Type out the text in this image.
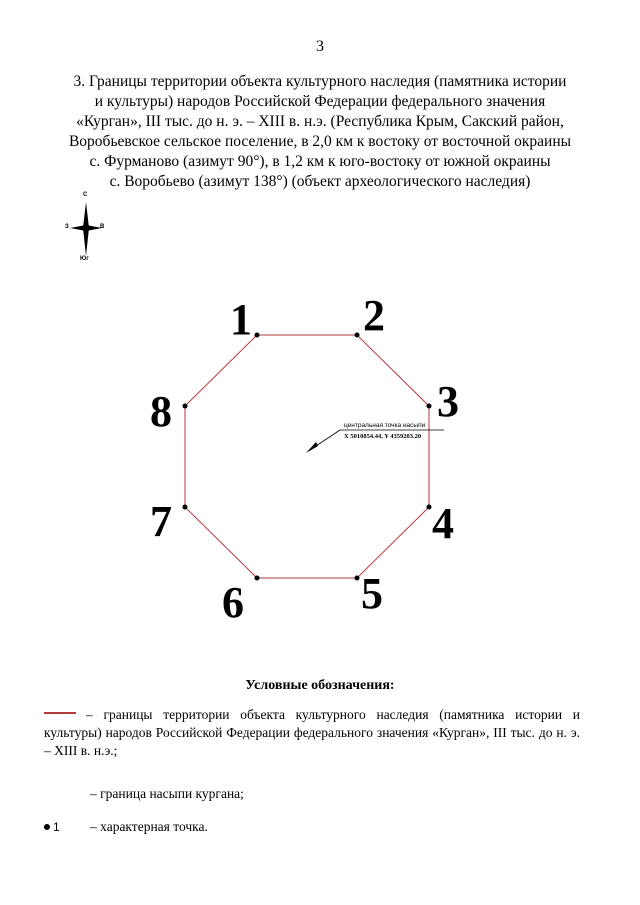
3
3. Границы территории объекта культурного наследия (памятника истории
и культуры) народов Российской Федерации федерального значения
«Курган», III тыс. до н. э. – XIII в. н.э. (Республика Крым, Сакский район,
Воробьевское сельское поселение, в 2,0 км к востоку от восточной окраины
с. Фурманово (азимут 90°), в 1,2 км к юго-востоку от южной окраины
с. Воробьево (азимут 138°) (объект археологического наследия)
С
Юг
З	В
1	2
3
4
5
6
7
8	центральная точка насыпи
X 5010854.44, Y 4359203.20
Условные обозначения:
– границы территории объекта культурного наследия (памятника истории и культуры) народов Российской Федерации федерального значения «Курган», III тыс. до н. э. – XIII в. н.э.;
– граница насыпи кургана;
1 – характерная точка.
